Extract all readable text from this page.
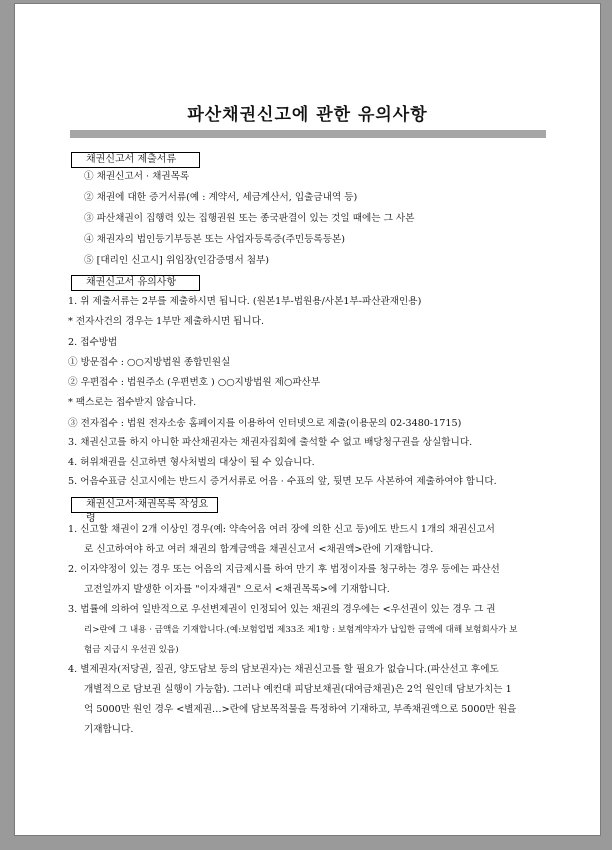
파산채권신고에 관한 유의사항
채권신고서 제출서류
① 채권신고서 · 채권목록
② 채권에 대한 증거서류(예 : 계약서, 세금계산서, 입출금내역 등)
③ 파산채권이 집행력 있는 집행권원 또는 종국판결이 있는 것일 때에는 그 사본
④ 채권자의 법인등기부등본 또는 사업자등록증(주민등록등본)
⑤ [대리인 신고시] 위임장(인감증명서 첨부)
채권신고서 유의사항
1. 위 제출서류는 2부를 제출하시면 됩니다. (원본1부-법원용/사본1부-파산관재인용)
* 전자사건의 경우는 1부만 제출하시면 됩니다.
2. 접수방법
① 방문접수 : ○○지방법원 종합민원실
② 우편접수 : 법원주소 (우편번호 ) ○○지방법원 제○파산부
* 팩스로는 접수받지 않습니다.
③ 전자접수 : 법원 전자소송 홈페이지를 이용하여 인터넷으로 제출(이용문의 02-3480-1715)
3. 채권신고를 하지 아니한 파산채권자는 채권자집회에 출석할 수 없고 배당청구권을 상실합니다.
4. 허위채권을 신고하면 형사처벌의 대상이 될 수 있습니다.
5. 어음수표금 신고시에는 반드시 증거서류로 어음 · 수표의 앞, 뒷면 모두 사본하여 제출하여야 합니다.
채권신고서·채권목록 작성요령
1. 신고할 채권이 2개 이상인 경우(예: 약속어음 여러 장에 의한 신고 등)에도 반드시 1개의 채권신고서
로 신고하여야 하고 여러 채권의 합계금액을 채권신고서 <채권액>란에 기재합니다.
2. 이자약정이 있는 경우 또는 어음의 지급제시를 하여 만기 후 법정이자를 청구하는 경우 등에는 파산선
고전일까지 발생한 이자를 "이자채권" 으로서 <채권목록>에 기재합니다.
3. 법률에 의하여 일반적으로 우선변제권이 인정되어 있는 채권의 경우에는 <우선권이 있는 경우 그 권
리>란에 그 내용 · 금액을 기재합니다.(예:보험업법 제33조 제1항 : 보험계약자가 납입한 금액에 대해 보험회사가 보
험금 지급시 우선권 있음)
4. 별제권자(저당권, 질권, 양도담보 등의 담보권자)는 채권신고를 할 필요가 없습니다.(파산선고 후에도
개별적으로 담보권 실행이 가능함). 그러나 예컨대 피담보채권(대여금채권)은 2억 원인데 담보가치는 1
억 5000만 원인 경우 <별제권…>란에 담보목적물을 특정하여 기재하고, 부족채권액으로 5000만 원을
기재합니다.
